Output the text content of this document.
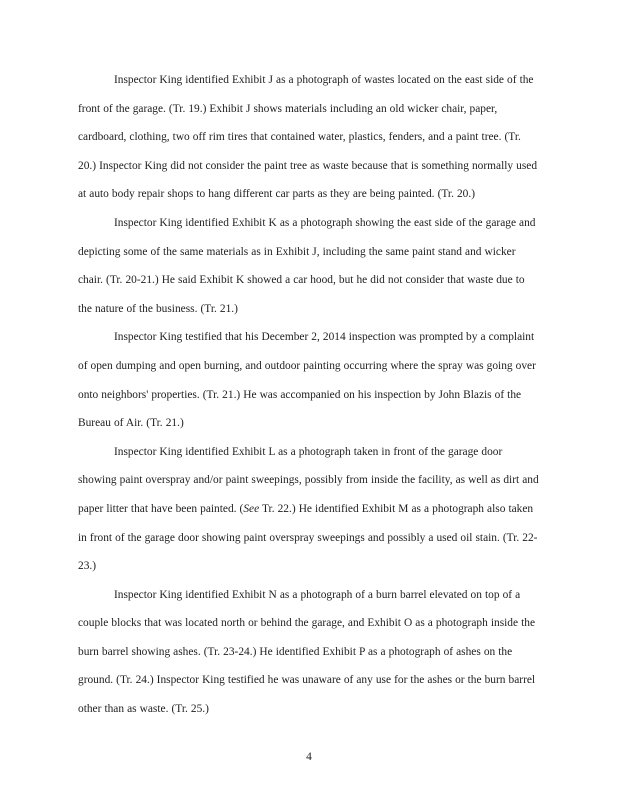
Inspector King identified Exhibit J as a photograph of wastes located on the east side of the front of the garage. (Tr. 19.) Exhibit J shows materials including an old wicker chair, paper, cardboard, clothing, two off rim tires that contained water, plastics, fenders, and a paint tree. (Tr. 20.) Inspector King did not consider the paint tree as waste because that is something normally used at auto body repair shops to hang different car parts as they are being painted. (Tr. 20.)

Inspector King identified Exhibit K as a photograph showing the east side of the garage and depicting some of the same materials as in Exhibit J, including the same paint stand and wicker chair. (Tr. 20-21.) He said Exhibit K showed a car hood, but he did not consider that waste due to the nature of the business. (Tr. 21.)

Inspector King testified that his December 2, 2014 inspection was prompted by a complaint of open dumping and open burning, and outdoor painting occurring where the spray was going over onto neighbors' properties. (Tr. 21.) He was accompanied on his inspection by John Blazis of the Bureau of Air. (Tr. 21.)

Inspector King identified Exhibit L as a photograph taken in front of the garage door showing paint overspray and/or paint sweepings, possibly from inside the facility, as well as dirt and paper litter that have been painted. (See Tr. 22.) He identified Exhibit M as a photograph also taken in front of the garage door showing paint overspray sweepings and possibly a used oil stain. (Tr. 22-23.)

Inspector King identified Exhibit N as a photograph of a burn barrel elevated on top of a couple blocks that was located north or behind the garage, and Exhibit O as a photograph inside the burn barrel showing ashes. (Tr. 23-24.) He identified Exhibit P as a photograph of ashes on the ground. (Tr. 24.) Inspector King testified he was unaware of any use for the ashes or the burn barrel other than as waste. (Tr. 25.)

4
